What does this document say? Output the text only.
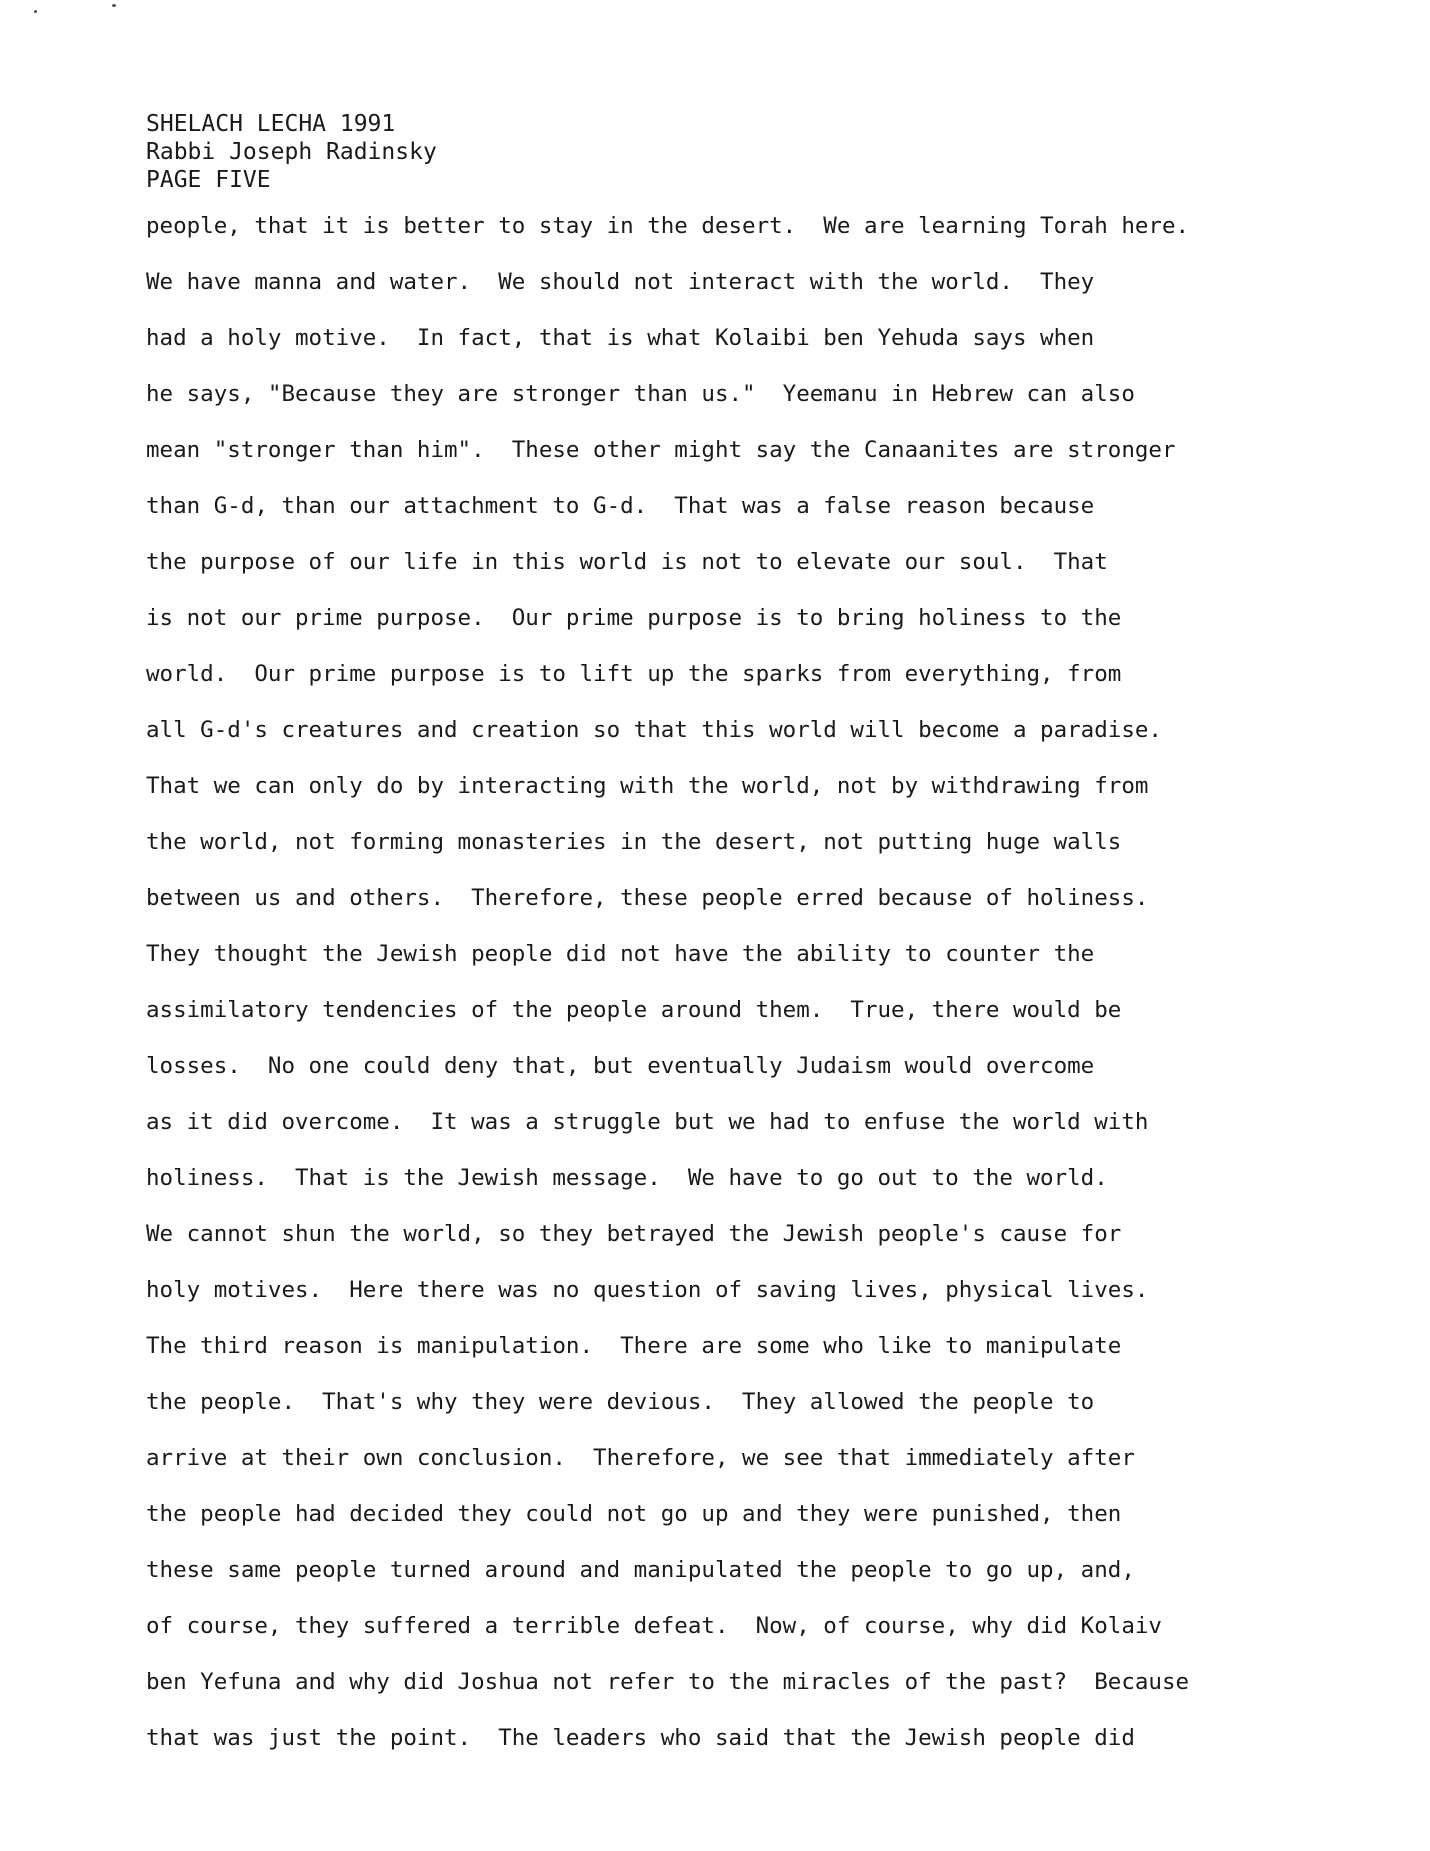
SHELACH LECHA 1991
Rabbi Joseph Radinsky
PAGE FIVE
people, that it is better to stay in the desert.  We are learning Torah here.
We have manna and water.  We should not interact with the world.  They
had a holy motive.  In fact, that is what Kolaibi ben Yehuda says when
he says, "Because they are stronger than us."  Yeemanu in Hebrew can also
mean "stronger than him".  These other might say the Canaanites are stronger
than G-d, than our attachment to G-d.  That was a false reason because
the purpose of our life in this world is not to elevate our soul.  That
is not our prime purpose.  Our prime purpose is to bring holiness to the
world.  Our prime purpose is to lift up the sparks from everything, from
all G-d's creatures and creation so that this world will become a paradise.
That we can only do by interacting with the world, not by withdrawing from
the world, not forming monasteries in the desert, not putting huge walls
between us and others.  Therefore, these people erred because of holiness.
They thought the Jewish people did not have the ability to counter the
assimilatory tendencies of the people around them.  True, there would be
losses.  No one could deny that, but eventually Judaism would overcome
as it did overcome.  It was a struggle but we had to enfuse the world with
holiness.  That is the Jewish message.  We have to go out to the world.
We cannot shun the world, so they betrayed the Jewish people's cause for
holy motives.  Here there was no question of saving lives, physical lives.
The third reason is manipulation.  There are some who like to manipulate
the people.  That's why they were devious.  They allowed the people to
arrive at their own conclusion.  Therefore, we see that immediately after
the people had decided they could not go up and they were punished, then
these same people turned around and manipulated the people to go up, and,
of course, they suffered a terrible defeat.  Now, of course, why did Kolaiv
ben Yefuna and why did Joshua not refer to the miracles of the past?  Because
that was just the point.  The leaders who said that the Jewish people did
